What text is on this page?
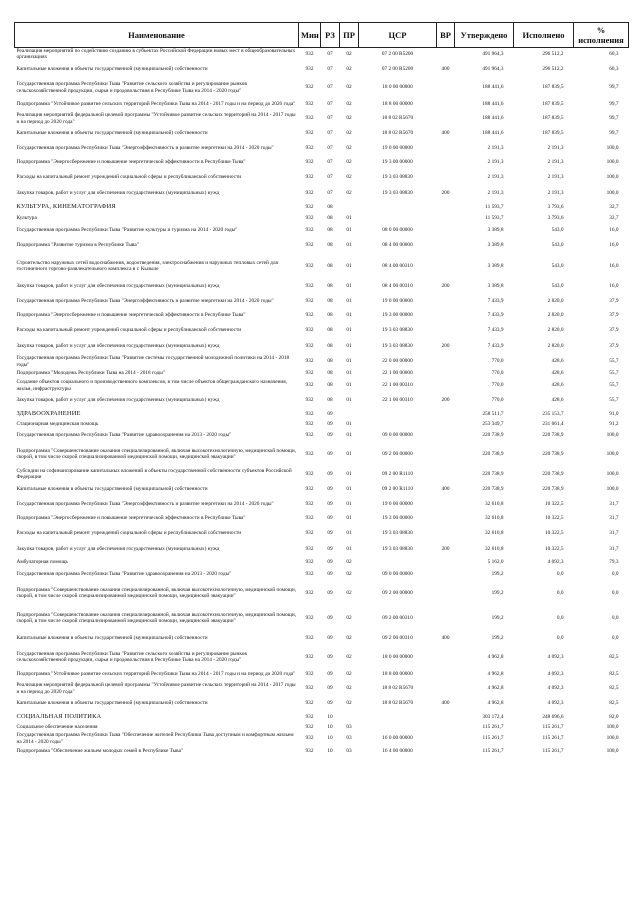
Наименование	Мин	РЗ	ПР	ЦСР	ВР	Утверждено	Исполнено	% исполнения
Реализация мероприятий по содействию созданию в субъектах Российской Федерации новых мест в общеобразовательных организациях	932	07	02	07 2 00 R5200		491 964,3	296 512,2	60,3
Капитальные вложения в объекты государственной (муниципальной) собственности	932	07	02	07 2 00 R5200	400	491 964,3	296 512,2	60,3
Государственная программа Республики Тыва "Развитие сельского хозяйства и регулирование рынков сельскохозяйственной продукции, сырья и продовольствия в Республике Тыва на 2014 - 2020 годы"	932	07	02	18 0 00 00000		188 441,6	187 839,5	99,7
Подпрограмма "Устойчивое развитие сельских территорий Республики Тыва на 2014 - 2017 годы и на период до 2020 года"	932	07	02	18 8 00 00000		188 441,6	187 839,5	99,7
Реализация мероприятий федеральной целевой программы "Устойчивое развитие сельских территорий на 2014 - 2017 годы и на период до 2020 года"	932	07	02	18 8 02 R5670		188 441,6	187 839,5	99,7
Капитальные вложения в объекты государственной (муниципальной) собственности	932	07	02	18 8 02 R5670	400	188 441,6	187 839,5	99,7
Государственная программа Республики Тыва "Энергоэффективность и развитие энергетики на 2014 - 2020 годы"	932	07	02	19 0 00 00000		2 191,3	2 191,3	100,0
Подпрограмма "Энергосбережение и повышение энергетической эффективности в Республике Тыва"	932	07	02	19 3 00 00000		2 191,3	2 191,3	100,0
Расходы на капитальный ремонт учреждений социальной сферы и республиканской собственности	932	07	02	19 3 03 08830		2 191,3	2 191,3	100,0
Закупка товаров, работ и услуг для обеспечения государственных (муниципальных) нужд	932	07	02	19 3 03 08830	200	2 191,3	2 191,3	100,0
КУЛЬТУРА, КИНЕМАТОГРАФИЯ	932	08				11 593,7	3 793,6	32,7
Культура	932	08	01			11 593,7	3 793,6	32,7
Государственная программа Республики Тыва "Развитие культуры и туризма на 2014 - 2020 годы"	932	08	01	08 0 00 00000		3 389,8	543,0	16,0
Подпрограмма "Развитие туризма в Республике Тыва"	932	08	01	08 4 00 00000		3 389,8	543,0	16,0
Строительство наружных сетей водоснабжения, водоотведения, электроснабжения и наружных тепловых сетей для гостиничного торгово-развлекательного комплекса в г. Кызыле	932	08	01	08 4 00 00310		3 389,8	543,0	16,0
Закупка товаров, работ и услуг для обеспечения государственных (муниципальных) нужд	932	08	01	08 4 00 00310	200	3 389,8	543,0	16,0
Государственная программа Республики Тыва "Энергоэффективность и развитие энергетики на 2014 - 2020 годы"	932	08	01	19 0 00 00000		7 433,9	2 820,0	37,9
Подпрограмма "Энергосбережение и повышение энергетической эффективности в Республике Тыва"	932	08	01	19 3 00 00000		7 433,9	2 820,0	37,9
Расходы на капитальный ремонт учреждений социальной сферы и республиканской собственности	932	08	01	19 3 03 08830		7 433,9	2 820,0	37,9
Закупка товаров, работ и услуг для обеспечения государственных (муниципальных) нужд	932	08	01	19 3 03 08830	200	7 433,9	2 820,0	37,9
Государственная программа Республики Тыва "Развитие системы государственной молодежной политики на 2014 - 2018 годы"	932	08	01	22 0 00 00000		770,0	428,6	55,7
Подпрограмма "Молодежь Республики Тыва на 2014 - 2018 годы"	932	08	01	22 1 00 00000		770,0	428,6	55,7
Создание объектов социального и производственного комплексов, в том числе объектов общегражданского назначения, жилья, инфраструктуры	932	08	01	22 1 00 00310		770,0	428,6	55,7
Закупка товаров, работ и услуг для обеспечения государственных (муниципальных) нужд	932	08	01	22 1 00 00310	200	770,0	428,6	55,7
ЗДРАВООХРАНЕНИЕ	932	09				258 511,7	235 153,7	91,0
Стационарная медицинская помощь	932	09	01			253 349,7	231 061,4	91,2
Государственная программа Республики Тыва "Развитие здравоохранения на 2013 - 2020 годы"	932	09	01	09 0 00 00000		220 738,9	220 738,9	100,0
Подпрограмма "Совершенствование оказания специализированной, включая высокотехнологичную, медицинской помощи, скорой, в том числе скорой специализированной медицинской помощи, медицинской эвакуации"	932	09	01	09 2 00 00000		220 738,9	220 738,9	100,0
Субсидии на софинансирование капитальных вложений в объекты государственной собственности субъектов Российской Федерации	932	09	01	09 2 00 R1110		220 738,9	220 738,9	100,0
Капитальные вложения в объекты государственной (муниципальной) собственности	932	09	01	09 2 00 R1110	400	220 738,9	220 738,9	100,0
Государственная программа Республики Тыва "Энергоэффективность и развитие энергетики на 2014 - 2020 годы"	932	09	01	19 0 00 00000		32 610,8	10 322,5	31,7
Подпрограмма "Энергосбережение и повышение энергетической эффективности в Республике Тыва"	932	09	01	19 3 00 00000		32 610,8	10 322,5	31,7
Расходы на капитальный ремонт учреждений социальной сферы и республиканской собственности	932	09	01	19 3 03 08830		32 610,8	10 322,5	31,7
Закупка товаров, работ и услуг для обеспечения государственных (муниципальных) нужд	932	09	01	19 3 03 08830	200	32 610,8	10 322,5	31,7
Амбулаторная помощь	932	09	02			5 162,0	4 092,3	79,3
Государственная программа Республики Тыва "Развитие здравоохранения на 2013 - 2020 годы"	932	09	02	09 0 00 00000		199,2	0,0	0,0
Подпрограмма "Совершенствование оказания специализированной, включая высокотехнологичную, медицинской помощи, скорой, в том числе скорой специализированной медицинской помощи, медицинской эвакуации"	932	09	02	09 2 00 00000		199,2	0,0	0,0
Подпрограмма "Совершенствование оказания специализированной, включая высокотехнологичную, медицинской помощи, скорой, в том числе скорой специализированной медицинской помощи, медицинской эвакуации"	932	09	02	09 2 00 00310		199,2	0,0	0,0
Капитальные вложения в объекты государственной (муниципальной) собственности	932	09	02	09 2 00 00310	400	199,2	0,0	0,0
Государственная программа Республики Тыва "Развитие сельского хозяйства и регулирование рынков сельскохозяйственной продукции, сырья и продовольствия в Республике Тыва на 2014 - 2020 годы"	932	09	02	18 0 00 00000		4 962,8	4 092,3	82,5
Подпрограмма "Устойчивое развитие сельских территорий Республики Тыва на 2014 - 2017 годы и на период до 2020 года"	932	09	02	18 8 00 00000		4 962,8	4 092,3	82,5
Реализация мероприятий федеральной целевой программы "Устойчивое развитие сельских территорий на 2014 - 2017 годы и на период до 2020 года"	932	09	02	18 8 02 R5670		4 962,8	4 092,3	82,5
Капитальные вложения в объекты государственной (муниципальной) собственности	932	09	02	18 8 02 R5670	400	4 962,8	4 092,3	82,5
СОЦИАЛЬНАЯ ПОЛИТИКА	932	10				303 172,4	248 696,6	82,0
Социальное обеспечение населения	932	10	03			115 261,7	115 261,7	100,0
Государственная программа Республики Тыва "Обеспечение жителей Республики Тыва доступным и комфортным жильем на 2014 - 2020 годы"	932	10	03	16 0 00 00000		115 261,7	115 261,7	100,0
Подпрограмма "Обеспечение жильем молодых семей в Республике Тыва"	932	10	03	16 4 00 00000		115 261,7	115 261,7	100,0
